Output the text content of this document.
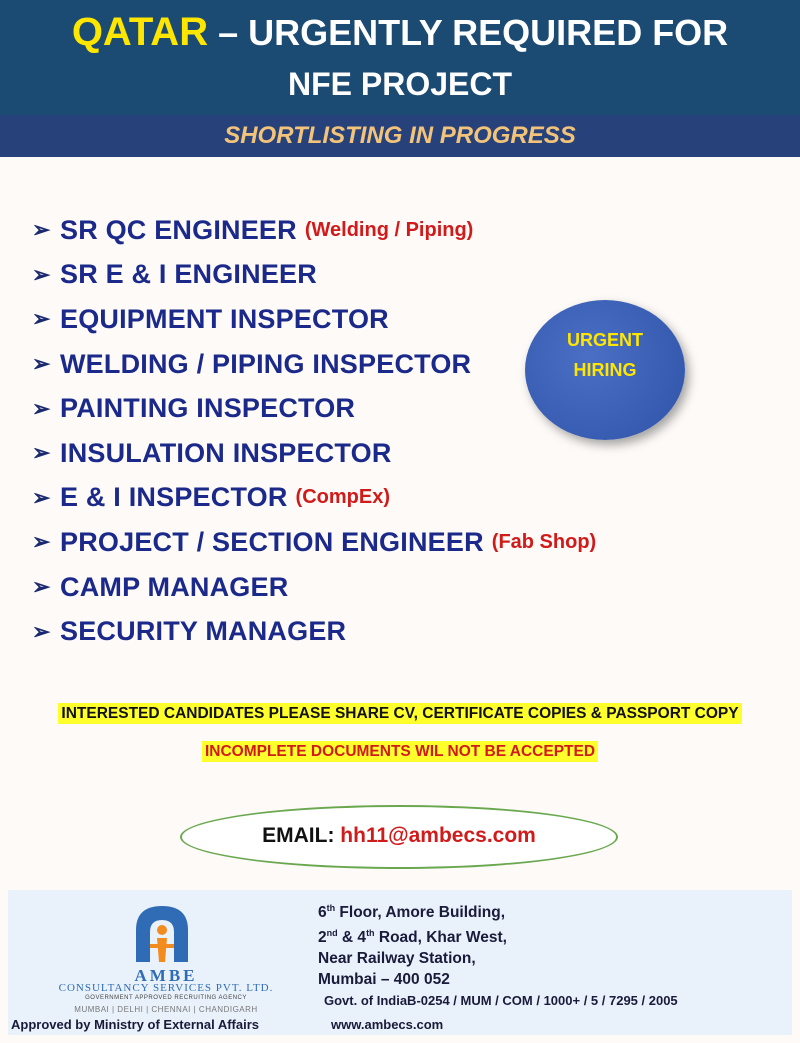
QATAR – URGENTLY REQUIRED FOR
NFE PROJECT
SHORTLISTING IN PROGRESS
➢ SR QC ENGINEER (Welding / Piping)
➢ SR E & I ENGINEER
➢ EQUIPMENT INSPECTOR
➢ WELDING / PIPING INSPECTOR
➢ PAINTING INSPECTOR
➢ INSULATION INSPECTOR
➢ E & I INSPECTOR (CompEx)
➢ PROJECT / SECTION ENGINEER (Fab Shop)
➢ CAMP MANAGER
➢ SECURITY MANAGER
URGENT
HIRING
INTERESTED CANDIDATES PLEASE SHARE CV, CERTIFICATE COPIES & PASSPORT COPY
INCOMPLETE DOCUMENTS WIL NOT BE ACCEPTED
EMAIL: hh11@ambecs.com
AMBE
CONSULTANCY SERVICES PVT. LTD.
GOVERNMENT APPROVED RECRUITING AGENCY
MUMBAI | DELHI | CHENNAI | CHANDIGARH
6th Floor, Amore Building,
2nd & 4th Road, Khar West,
Near Railway Station,
Mumbai – 400 052
Govt. of IndiaB-0254 / MUM / COM / 1000+ / 5 / 7295 / 2005
Approved by Ministry of External Affairs	www.ambecs.com
